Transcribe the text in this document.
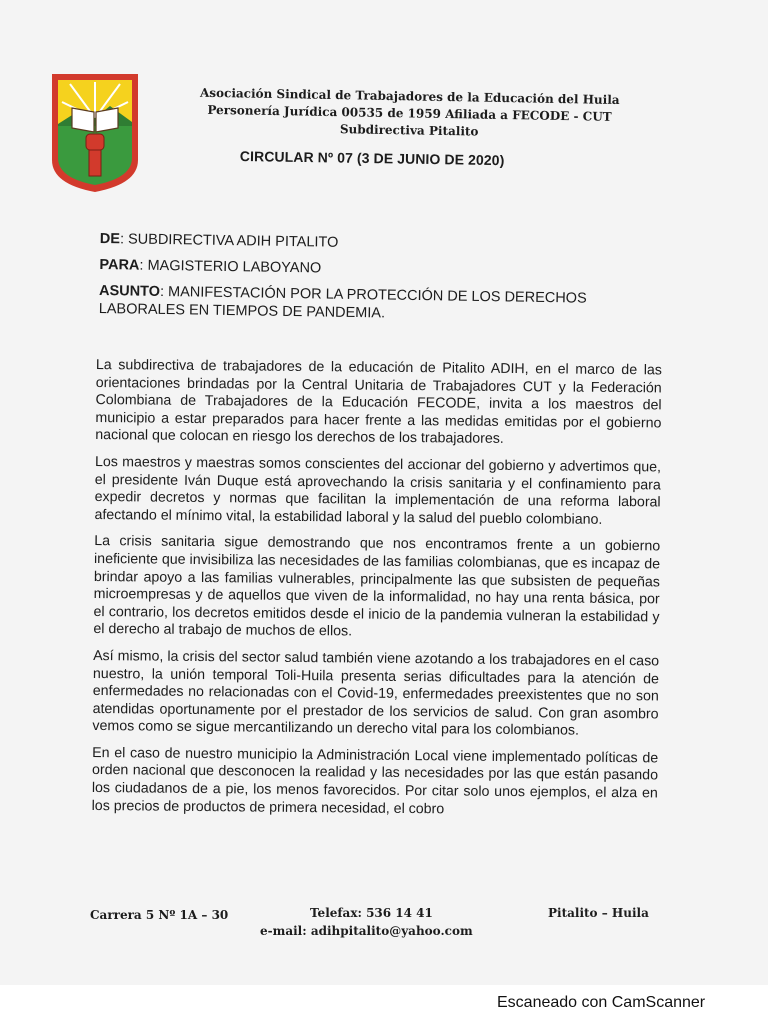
Asociación Sindical de Trabajadores de la Educación del Huila
Personería Jurídica 00535 de 1959 Afiliada a FECODE - CUT
Subdirectiva Pitalito
CIRCULAR Nº 07 (3 DE JUNIO DE 2020)
DE: SUBDIRECTIVA ADIH PITALITO
PARA: MAGISTERIO LABOYANO
ASUNTO: MANIFESTACIÓN POR LA PROTECCIÓN DE LOS DERECHOS LABORALES EN TIEMPOS DE PANDEMIA.

La subdirectiva de trabajadores de la educación de Pitalito ADIH, en el marco de las orientaciones brindadas por la Central Unitaria de Trabajadores CUT y la Federación Colombiana de Trabajadores de la Educación FECODE, invita a los maestros del municipio a estar preparados para hacer frente a las medidas emitidas por el gobierno nacional que colocan en riesgo los derechos de los trabajadores.

Los maestros y maestras somos conscientes del accionar del gobierno y advertimos que, el presidente Iván Duque está aprovechando la crisis sanitaria y el confinamiento para expedir decretos y normas que facilitan la implementación de una reforma laboral afectando el mínimo vital, la estabilidad laboral y la salud del pueblo colombiano.

La crisis sanitaria sigue demostrando que nos encontramos frente a un gobierno ineficiente que invisibiliza las necesidades de las familias colombianas, que es incapaz de brindar apoyo a las familias vulnerables, principalmente las que subsisten de pequeñas microempresas y de aquellos que viven de la informalidad, no hay una renta básica, por el contrario, los decretos emitidos desde el inicio de la pandemia vulneran la estabilidad y el derecho al trabajo de muchos de ellos.

Así mismo, la crisis del sector salud también viene azotando a los trabajadores en el caso nuestro, la unión temporal Toli-Huila presenta serias dificultades para la atención de enfermedades no relacionadas con el Covid-19, enfermedades preexistentes que no son atendidas oportunamente por el prestador de los servicios de salud. Con gran asombro vemos como se sigue mercantilizando un derecho vital para los colombianos.

En el caso de nuestro municipio la Administración Local viene implementado políticas de orden nacional que desconocen la realidad y las necesidades por las que están pasando los ciudadanos de a pie, los menos favorecidos. Por citar solo unos ejemplos, el alza en los precios de productos de primera necesidad, el cobro

Carrera 5 Nº 1A – 30	Telefax: 536 14 41	Pitalito – Huila
e-mail: adihpitalito@yahoo.com
Escaneado con CamScanner
